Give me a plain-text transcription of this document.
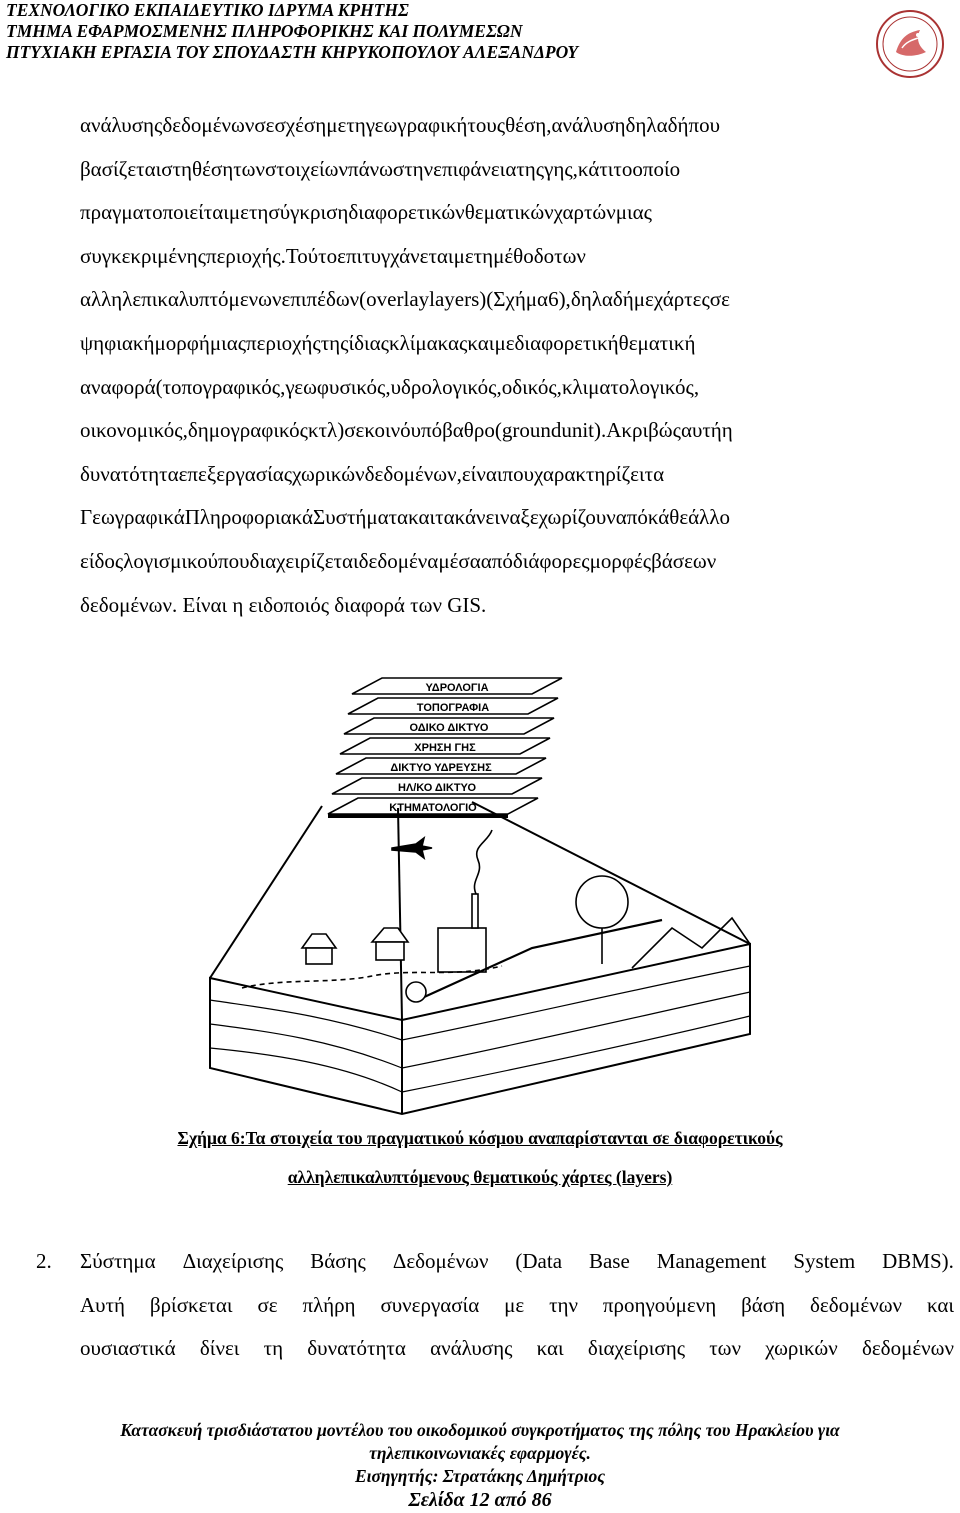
ΤΕΧΝΟΛΟΓΙΚΟ ΕΚΠΑΙΔΕΥΤΙΚΟ ΙΔΡΥΜΑ ΚΡΗΤΗΣ
ΤΜΗΜΑ ΕΦΑΡΜΟΣΜΕΝΗΣ ΠΛΗΡΟΦΟΡΙΚΗΣ ΚΑΙ ΠΟΛΥΜΕΣΩΝ
ΠΤΥΧΙΑΚΗ ΕΡΓΑΣΙΑ ΤΟΥ ΣΠΟΥΔΑΣΤΗ ΚΗΡΥΚΟΠΟΥΛΟΥ ΑΛΕΞΑΝΔΡΟΥ
ανάλυσηςδεδομένωνσεσχέσημετηγεωγραφικήτουςθέση,ανάλυσηδηλαδήπου
βασίζεταιστηθέσητωνστοιχείωνπάνωστηνεπιφάνειατηςγης,κάτιτοοποίο
πραγματοποιείταιμετησύγκρισηδιαφορετικώνθεματικώνχαρτώνμιας
συγκεκριμένηςπεριοχής.Τούτοεπιτυγχάνεταιμετημέθοδοτων
αλληλεπικαλυπτόμενωνεπιπέδων(overlaylayers)(Σχήμα6),δηλαδήμεχάρτεςσε
ψηφιακήμορφήμιαςπεριοχήςτηςίδιαςκλίμακαςκαιμεδιαφορετικήθεματική
αναφορά(τοπογραφικός,γεωφυσικός,υδρολογικός,οδικός,κλιματολογικός,
οικονομικός,δημογραφικόςκτλ)σεκοινόυπόβαθρο(groundunit).Ακριβώςαυτήη
δυνατότηταεπεξεργασίαςχωρικώνδεδομένων,είναιπουχαρακτηρίζειτα
ΓεωγραφικάΠληροφοριακάΣυστήματακαιτακάνειναξεχωρίζουναπόκάθεάλλο
είδοςλογισμικούπουδιαχειρίζεταιδεδομέναμέσααπόδιάφορεςμορφέςβάσεων
δεδομένων. Είναι η ειδοποιός διαφορά των GIS.
ΥΔΡΟΛΟΓΙΑ
ΤΟΠΟΓΡΑΦΙΑ
ΟΔΙΚΟ ΔΙΚΤΥΟ
ΧΡΗΣΗ ΓΗΣ
ΔΙΚΤΥΟ ΥΔΡΕΥΣΗΣ
ΗΛ/ΚΟ ΔΙΚΤΥΟ
ΚΤΗΜΑΤΟΛΟΓΙΟ
Σχήμα 6:Τα στοιχεία του πραγματικού κόσμου αναπαρίστανται σε διαφορετικούς
αλληλεπικαλυπτόμενους θεματικούς χάρτες (layers)
2. Σύστημα Διαχείρισης Βάσης Δεδομένων (Data Base Management System DBMS).
Αυτή βρίσκεται σε πλήρη συνεργασία με την προηγούμενη βάση δεδομένων και
ουσιαστικά δίνει τη δυνατότητα ανάλυσης και διαχείρισης των χωρικών δεδομένων
Κατασκευή τρισδιάστατου μοντέλου του οικοδομικού συγκροτήματος της πόλης του Ηρακλείου για
τηλεπικοινωνιακές εφαρμογές.
Εισηγητής: Στρατάκης Δημήτριος
Σελίδα 12 από 86
